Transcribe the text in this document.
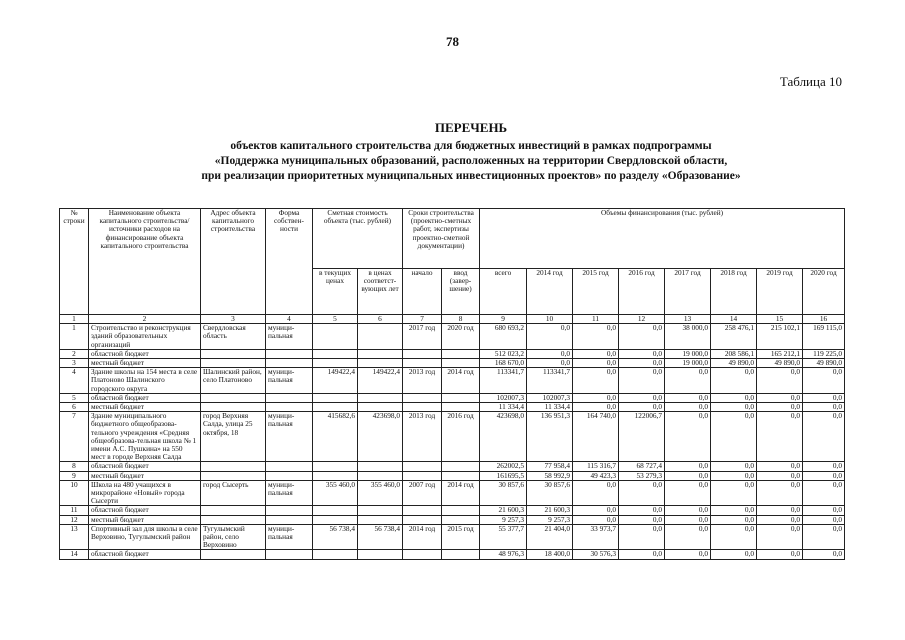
78
Таблица 10
ПЕРЕЧЕНЬ
объектов капитального строительства для бюджетных инвестиций в рамках подпрограммы
«Поддержка муниципальных образований, расположенных на территории Свердловской области,
при реализации приоритетных муниципальных инвестиционных проектов» по разделу «Образование»
№ строки	Наименование объекта капитального строительства/ источники расходов на финансирование объекта капитального строительства	Адрес объекта капитального строительства	Форма собствен-ности	Сметная стоимость объекта (тыс. рублей)		Сроки строительства (проектно-сметных работ, экспертизы проектно-сметной документации)		Объемы финансирования (тыс. рублей)							
				в текущих ценах	в ценах соответст-вующих лет	начало	ввод (завер-шение)	всего	2014 год	2015 год	2016 год	2017 год	2018 год	2019 год	2020 год
1	2	3	4	5	6	7	8	9	10	11	12	13	14	15	16
1	Строительство и реконструкция зданий образовательных организаций	Свердловская область	муници-пальная			2017 год	2020 год	680 693,2	0,0	0,0	0,0	38 000,0	258 476,1	215 102,1	169 115,0
2	областной бюджет							512 023,2	0,0	0,0	0,0	19 000,0	208 586,1	165 212,1	119 225,0
3	местный бюджет							168 670,0	0,0	0,0	0,0	19 000,0	49 890,0	49 890,0	49 890,0
4	Здание школы на 154 места в селе Платоново Шалинского городского округа	Шалинский район, село Платоново	муници-пальная	149422,4	149422,4	2013 год	2014 год	113341,7	113341,7	0,0	0,0	0,0	0,0	0,0	0,0
5	областной бюджет							102007,3	102007,3	0,0	0,0	0,0	0,0	0,0	0,0
6	местный бюджет							11 334,4	11 334,4	0,0	0,0	0,0	0,0	0,0	0,0
7	Здание муниципального бюджетного общеобразова-тельного учреждения «Средняя общеобразова-тельная школа № 1 имени А.С. Пушкина» на 550 мест в городе Верхняя Салда	город Верхняя Салда, улица 25 октября, 18	муници-пальная	415682,6	423698,0	2013 год	2016 год	423698,0	136 951,3	164 740,0	122006,7	0,0	0,0	0,0	0,0
8	областной бюджет							262002,5	77 958,4	115 316,7	68 727,4	0,0	0,0	0,0	0,0
9	местный бюджет							161695,5	58 992,9	49 423,3	53 279,3	0,0	0,0	0,0	0,0
10	Школа на 480 учащихся в микрорайоне «Новый» города Сысерти	город Сысерть	муници-пальная	355 460,0	355 460,0	2007 год	2014 год	30 857,6	30 857,6	0,0	0,0	0,0	0,0	0,0	0,0
11	областной бюджет							21 600,3	21 600,3	0,0	0,0	0,0	0,0	0,0	0,0
12	местный бюджет							9 257,3	9 257,3	0,0	0,0	0,0	0,0	0,0	0,0
13	Спортивный зал для школы в селе Верховино, Тугулымский район	Тугулымский район, село Верховино	муници-пальная	56 738,4	56 738,4	2014 год	2015 год	55 377,7	21 404,0	33 973,7	0,0	0,0	0,0	0,0	0,0
14	областной бюджет							48 976,3	18 400,0	30 576,3	0,0	0,0	0,0	0,0	0,0
